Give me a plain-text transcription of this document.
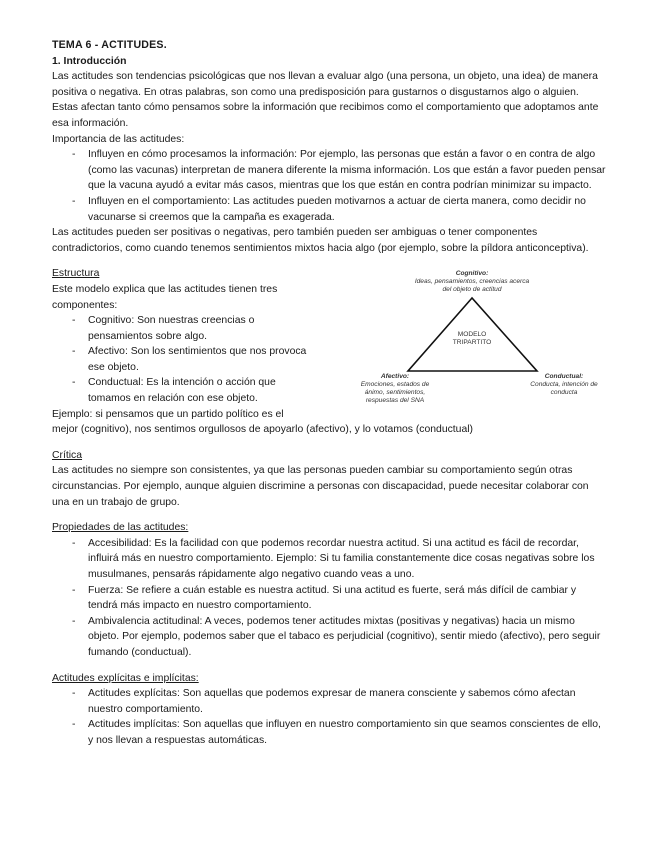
TEMA 6 - ACTITUDES.

1. Introducción

Las actitudes son tendencias psicológicas que nos llevan a evaluar algo (una persona, un objeto, una idea) de manera positiva o negativa. En otras palabras, son como una predisposición para gustarnos o disgustarnos algo o alguien.

Estas afectan tanto cómo pensamos sobre la información que recibimos como el comportamiento que adoptamos ante esa información.

Importancia de las actitudes:

- Influyen en cómo procesamos la información: Por ejemplo, las personas que están a favor o en contra de algo (como las vacunas) interpretan de manera diferente la misma información. Los que están a favor pueden pensar que la vacuna ayudó a evitar más casos, mientras que los que están en contra podrían minimizar su impacto.
- Influyen en el comportamiento: Las actitudes pueden motivarnos a actuar de cierta manera, como decidir no vacunarse si creemos que la campaña es exagerada.

Las actitudes pueden ser positivas o negativas, pero también pueden ser ambiguas o tener componentes contradictorios, como cuando tenemos sentimientos mixtos hacia algo (por ejemplo, sobre la píldora anticonceptiva).

Estructura

Este modelo explica que las actitudes tienen tres componentes:

- Cognitivo: Son nuestras creencias o pensamientos sobre algo.
- Afectivo: Son los sentimientos que nos provoca ese objeto.
- Conductual: Es la intención o acción que tomamos en relación con ese objeto.

Ejemplo: si pensamos que un partido político es el

Cognitivo:
Ideas, pensamientos, creencias acerca
del objeto de actitud
MODELO
TRIPARTITO
Afectivo:
Emociones, estados de
ánimo, sentimientos,
respuestas del SNA
Conductual:
Conducta, intención de
conducta

mejor (cognitivo), nos sentimos orgullosos de apoyarlo (afectivo), y lo votamos (conductual)

Crítica

Las actitudes no siempre son consistentes, ya que las personas pueden cambiar su comportamiento según otras circunstancias. Por ejemplo, aunque alguien discrimine a personas con discapacidad, puede necesitar colaborar con una en un trabajo de grupo.

Propiedades de las actitudes:

- Accesibilidad: Es la facilidad con que podemos recordar nuestra actitud. Si una actitud es fácil de recordar, influirá más en nuestro comportamiento. Ejemplo: Si tu familia constantemente dice cosas negativas sobre los musulmanes, pensarás rápidamente algo negativo cuando veas a uno.
- Fuerza: Se refiere a cuán estable es nuestra actitud. Si una actitud es fuerte, será más difícil de cambiar y tendrá más impacto en nuestro comportamiento.
- Ambivalencia actitudinal: A veces, podemos tener actitudes mixtas (positivas y negativas) hacia un mismo objeto. Por ejemplo, podemos saber que el tabaco es perjudicial (cognitivo), sentir miedo (afectivo), pero seguir fumando (conductual).

Actitudes explícitas e implícitas:

- Actitudes explícitas: Son aquellas que podemos expresar de manera consciente y sabemos cómo afectan nuestro comportamiento.
- Actitudes implícitas: Son aquellas que influyen en nuestro comportamiento sin que seamos conscientes de ello, y nos llevan a respuestas automáticas.
